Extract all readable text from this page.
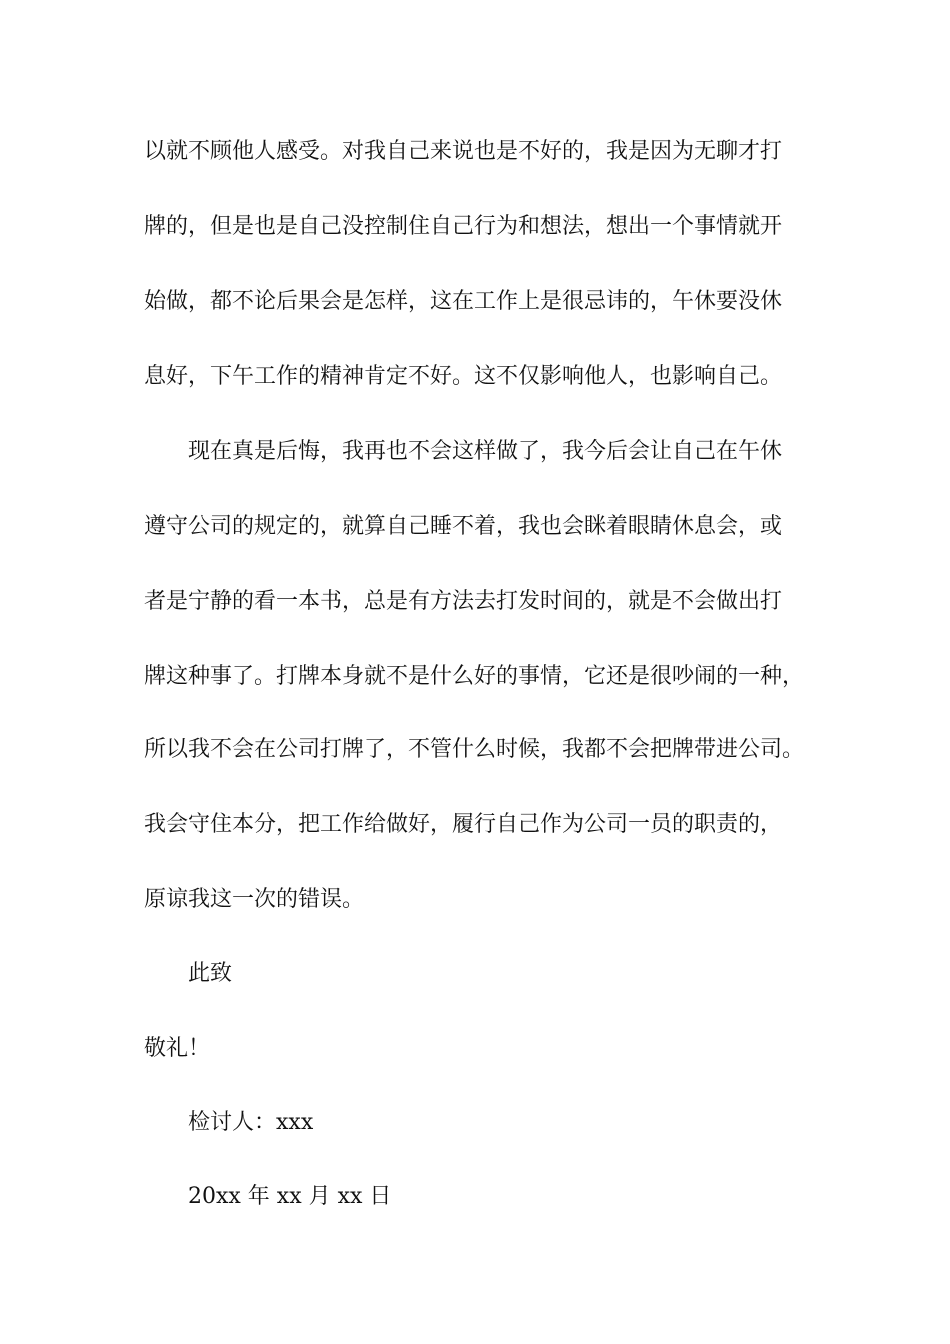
以就不顾他人感受。对我自己来说也是不好的，我是因为无聊才打
牌的，但是也是自己没控制住自己行为和想法，想出一个事情就开
始做，都不论后果会是怎样，这在工作上是很忌讳的，午休要没休
息好，下午工作的精神肯定不好。这不仅影响他人，也影响自己。
现在真是后悔，我再也不会这样做了，我今后会让自己在午休
遵守公司的规定的，就算自己睡不着，我也会眯着眼睛休息会，或
者是宁静的看一本书，总是有方法去打发时间的，就是不会做出打
牌这种事了。打牌本身就不是什么好的事情，它还是很吵闹的一种，
所以我不会在公司打牌了，不管什么时候，我都不会把牌带进公司。
我会守住本分，把工作给做好，履行自己作为公司一员的职责的，
原谅我这一次的错误。
此致
敬礼！
检讨人：xxx
20xx 年 xx 月 xx 日
